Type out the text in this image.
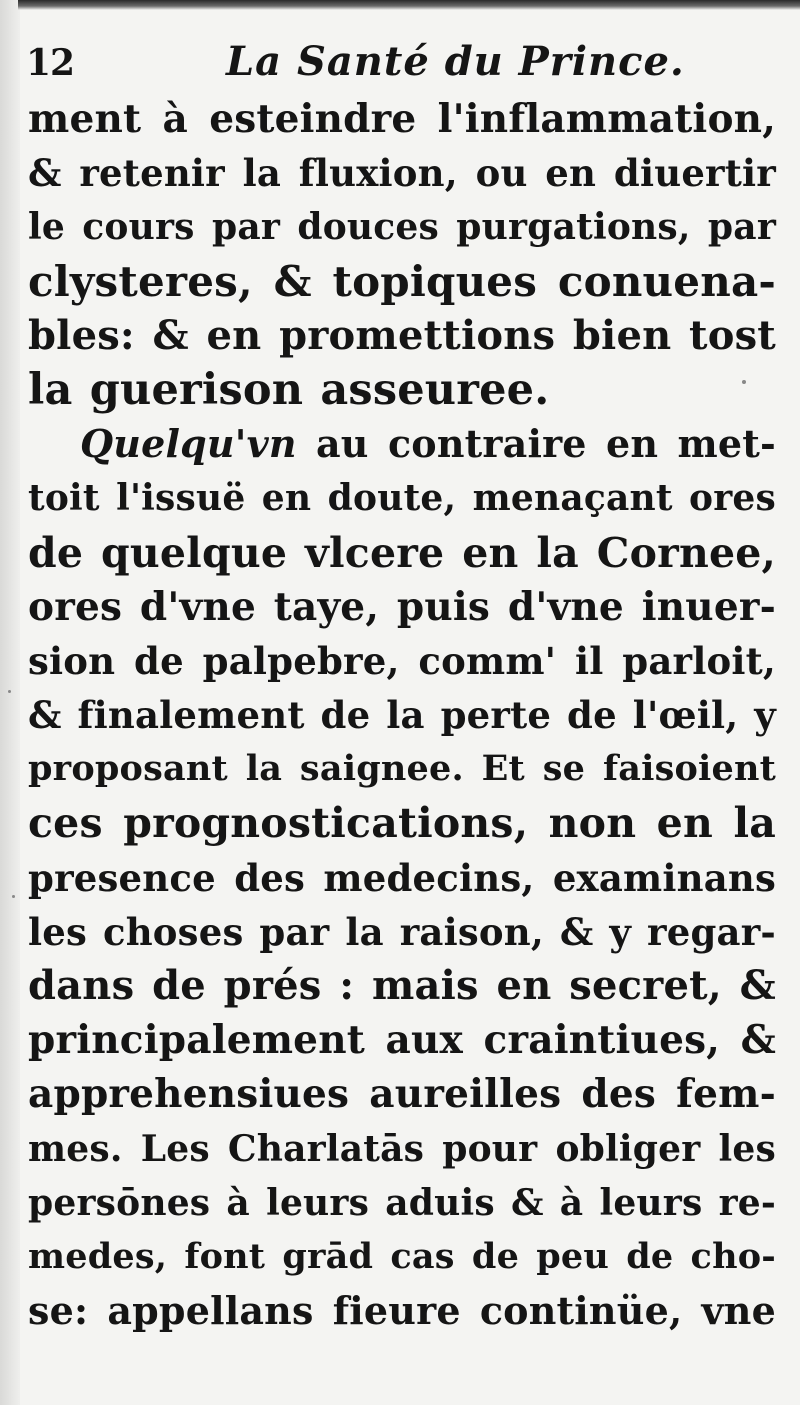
12	La Santé du Prince.
ment à esteindre l'inflammation,
& retenir la fluxion, ou en diuertir
le cours par douces purgations, par
clysteres, & topiques conuena-
bles: & en promettions bien tost
la guerison asseuree.
Quelqu'vn au contraire en met-
toit l'issuë en doute, menaçant ores
de quelque vlcere en la Cornee,
ores d'vne taye, puis d'vne inuer-
sion de palpebre, comm' il parloit,
& finalement de la perte de l'œil, y
proposant la saignee. Et se faisoient
ces prognostications, non en la
presence des medecins, examinans
les choses par la raison, & y regar-
dans de prés : mais en secret, &
principalement aux craintiues, &
apprehensiues aureilles des fem-
mes. Les Charlatās pour obliger les
persōnes à leurs aduis & à leurs re-
medes, font grād cas de peu de cho-
se: appellans fieure continüe, vne
